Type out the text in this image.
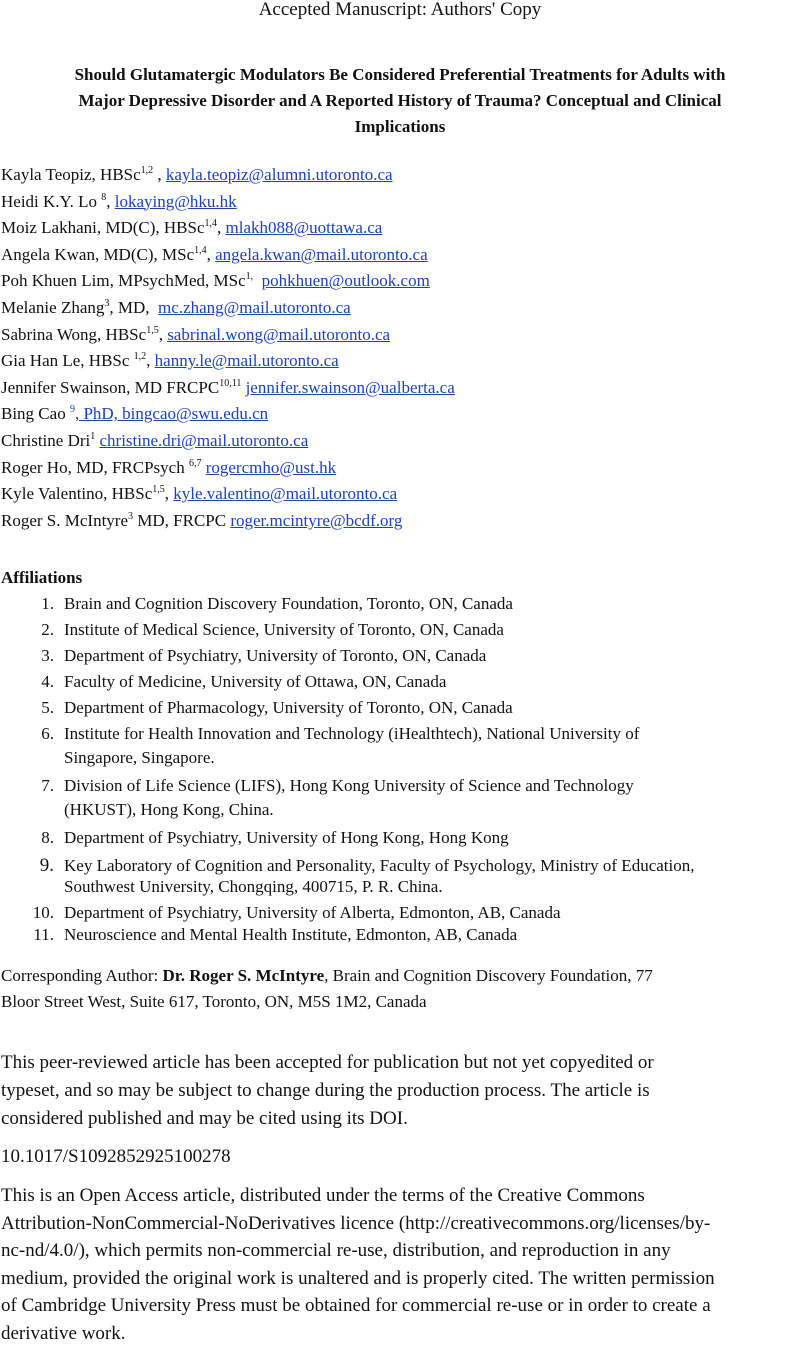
Accepted Manuscript: Authors' Copy
Should Glutamatergic Modulators Be Considered Preferential Treatments for Adults with
Major Depressive Disorder and A Reported History of Trauma? Conceptual and Clinical
Implications
Kayla Teopiz, HBSc$^{1,2}$ , kayla.teopiz@alumni.utoronto.ca
Heidi K.Y. Lo $^8$, lokaying@hku.hk
Moiz Lakhani, MD(C), HBSc$^{1,4}$, mlakh088@uottawa.ca
Angela Kwan, MD(C), MSc$^{1,4}$, angela.kwan@mail.utoronto.ca
Poh Khuen Lim, MPsychMed, MSc$^{1,}$ pohkhuen@outlook.com
Melanie Zhang$^3$, MD,  mc.zhang@mail.utoronto.ca
Sabrina Wong, HBSc$^{1,5}$, sabrinal.wong@mail.utoronto.ca
Gia Han Le, HBSc $^{1,2}$, hanny.le@mail.utoronto.ca
Jennifer Swainson, MD FRCPC$^{10,11}$ jennifer.swainson@ualberta.ca
Bing Cao $^9$, PhD, bingcao@swu.edu.cn
Christine Dri$^1$ christine.dri@mail.utoronto.ca
Roger Ho, MD, FRCPsych $^{6,7}$ rogercmho@ust.hk
Kyle Valentino, HBSc$^{1,5}$, kyle.valentino@mail.utoronto.ca
Roger S. McIntyre$^3$ MD, FRCPC roger.mcintyre@bcdf.org
Affiliations
1. Brain and Cognition Discovery Foundation, Toronto, ON, Canada
2. Institute of Medical Science, University of Toronto, ON, Canada
3. Department of Psychiatry, University of Toronto, ON, Canada
4. Faculty of Medicine, University of Ottawa, ON, Canada
5. Department of Pharmacology, University of Toronto, ON, Canada
6. Institute for Health Innovation and Technology (iHealthtech), National University of
Singapore, Singapore.
7. Division of Life Science (LIFS), Hong Kong University of Science and Technology
(HKUST), Hong Kong, China.
8. Department of Psychiatry, University of Hong Kong, Hong Kong
9. Key Laboratory of Cognition and Personality, Faculty of Psychology, Ministry of Education,
Southwest University, Chongqing, 400715, P. R. China.
10. Department of Psychiatry, University of Alberta, Edmonton, AB, Canada
11. Neuroscience and Mental Health Institute, Edmonton, AB, Canada
Corresponding Author: Dr. Roger S. McIntyre, Brain and Cognition Discovery Foundation, 77
Bloor Street West, Suite 617, Toronto, ON, M5S 1M2, Canada
This peer-reviewed article has been accepted for publication but not yet copyedited or
typeset, and so may be subject to change during the production process. The article is
considered published and may be cited using its DOI.
10.1017/S1092852925100278
This is an Open Access article, distributed under the terms of the Creative Commons
Attribution-NonCommercial-NoDerivatives licence (http://creativecommons.org/licenses/by-
nc-nd/4.0/), which permits non-commercial re-use, distribution, and reproduction in any
medium, provided the original work is unaltered and is properly cited. The written permission
of Cambridge University Press must be obtained for commercial re-use or in order to create a
derivative work.
